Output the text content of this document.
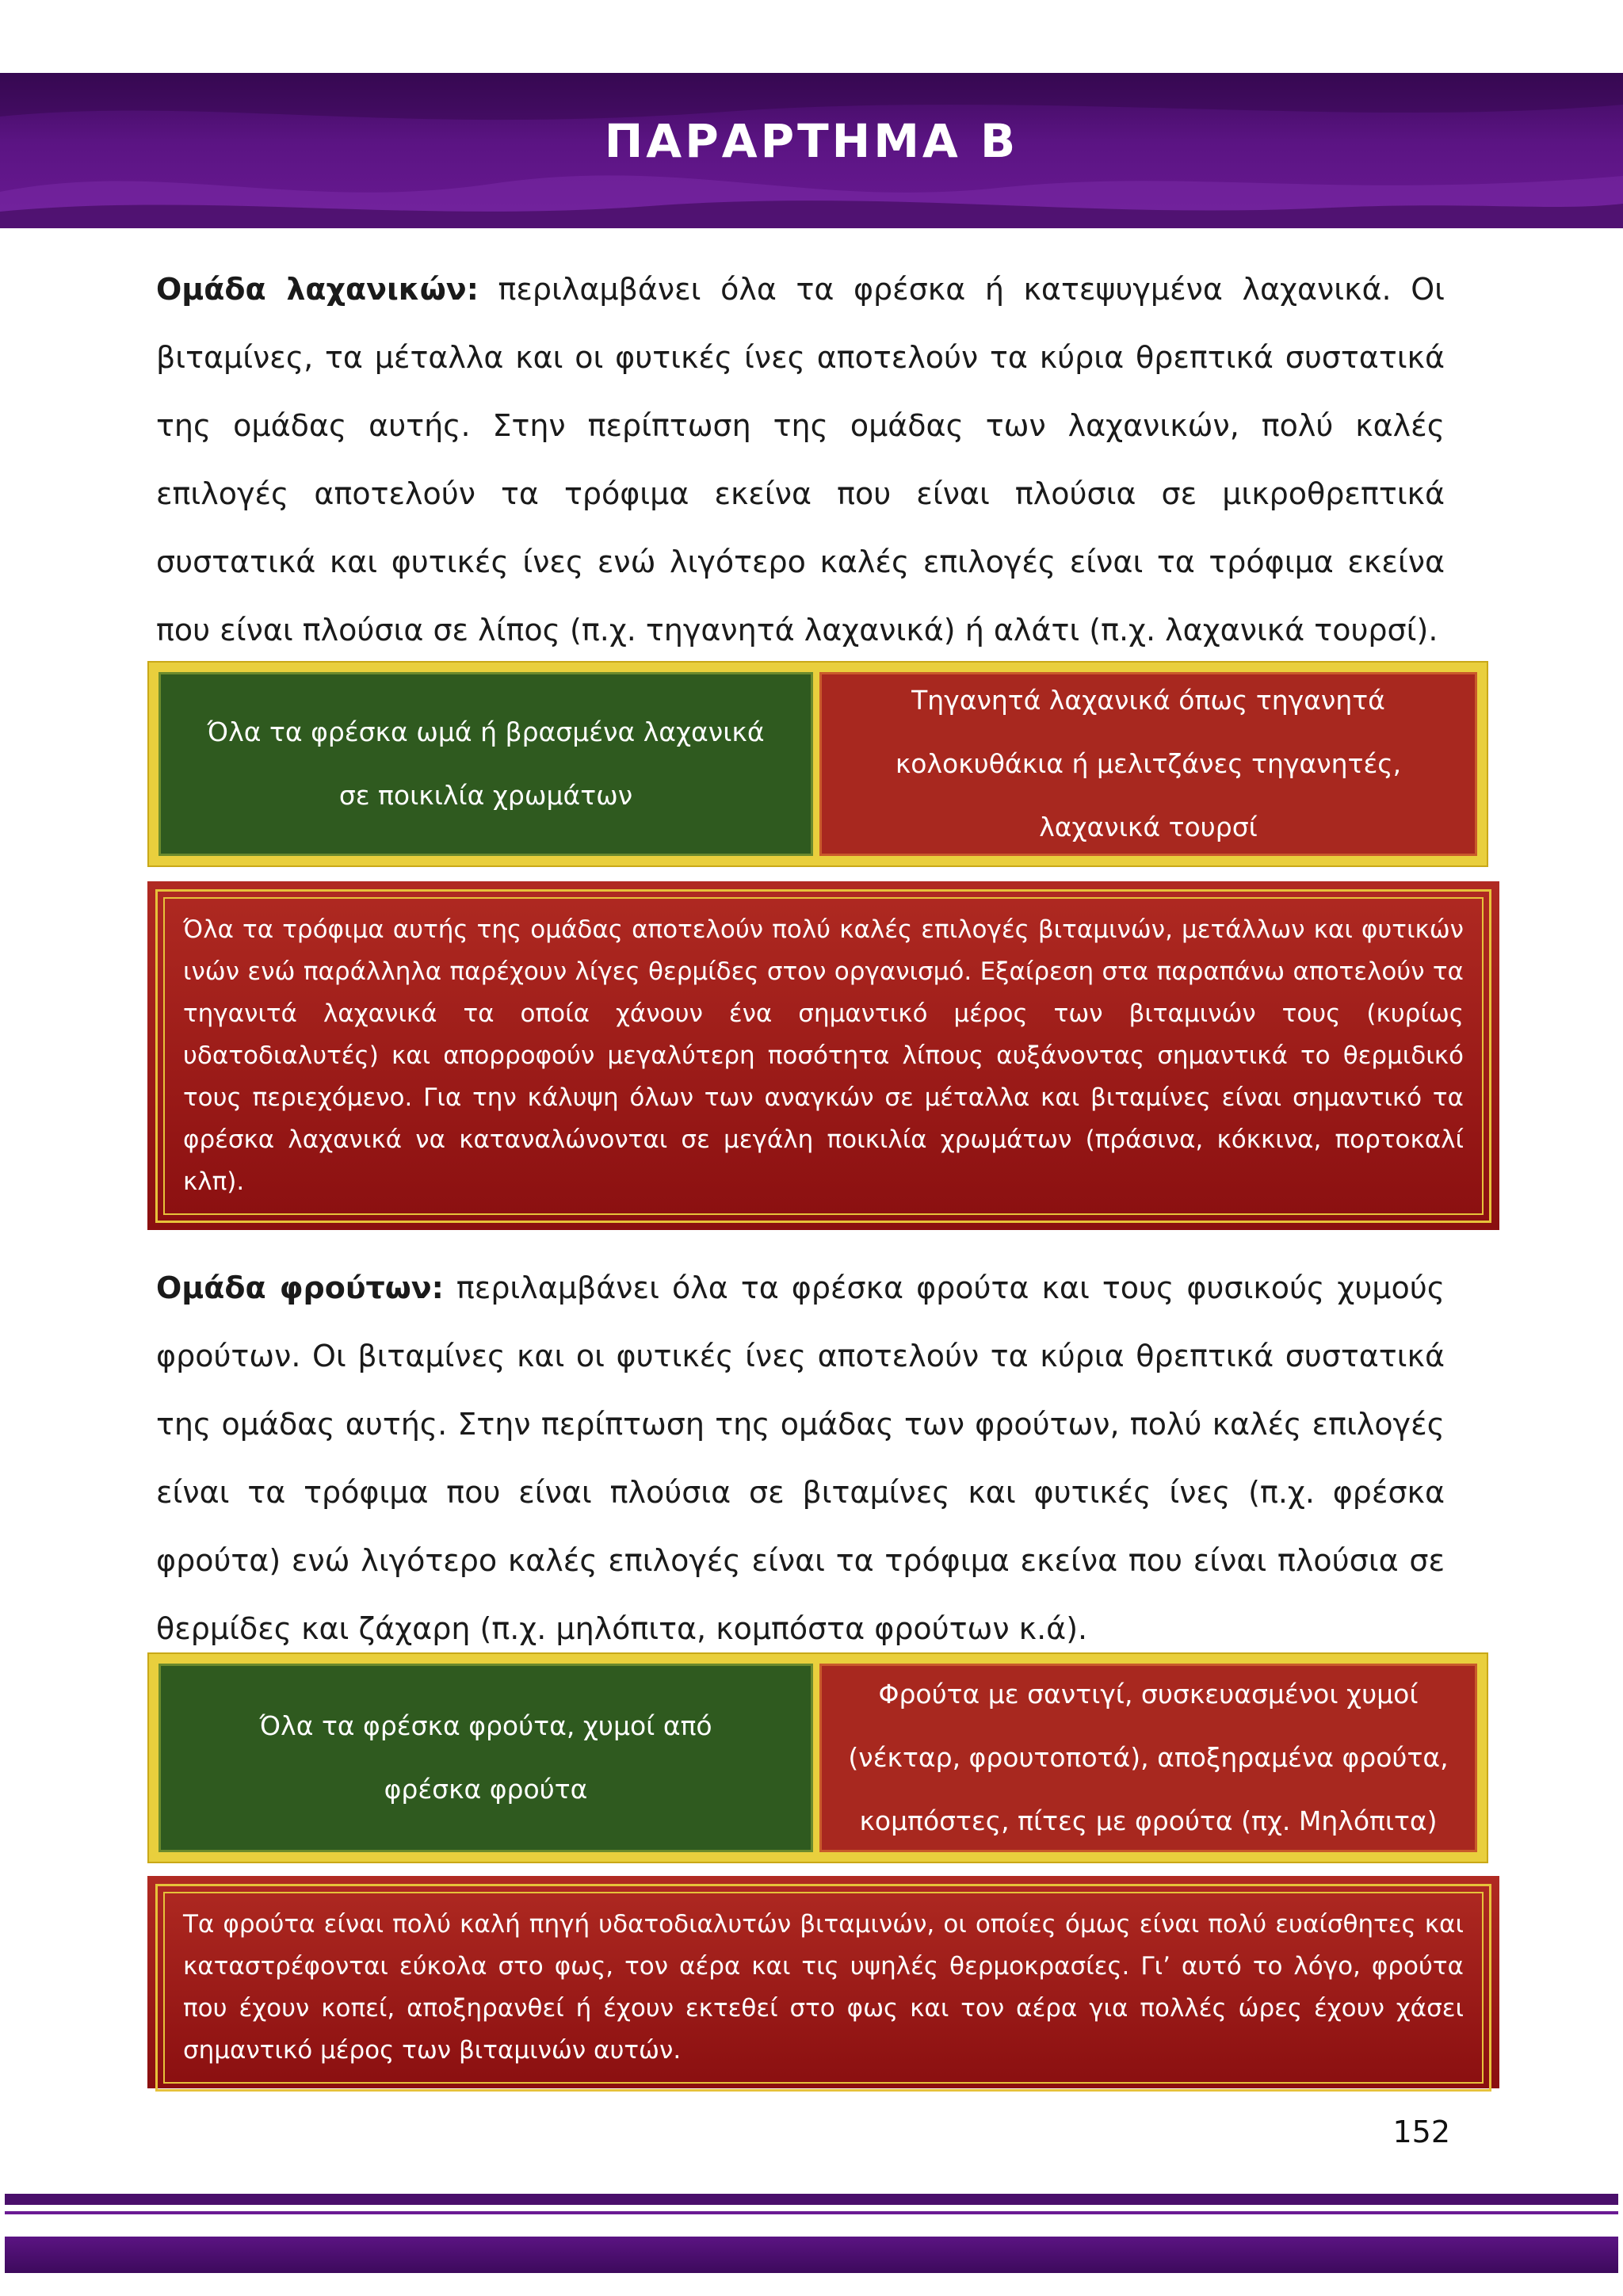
ΠΑΡΑΡΤΗΜΑ Β
Ομάδα λαχανικών: περιλαμβάνει όλα τα φρέσκα ή κατεψυγμένα λαχανικά. Οι βιταμίνες, τα μέταλλα και οι φυτικές ίνες αποτελούν τα κύρια θρεπτικά συστατικά της ομάδας αυτής. Στην περίπτωση της ομάδας των λαχανικών, πολύ καλές επιλογές αποτελούν τα τρόφιμα εκείνα που είναι πλούσια σε μικροθρεπτικά συστατικά και φυτικές ίνες ενώ λιγότερο καλές επιλογές είναι τα τρόφιμα εκείνα που είναι πλούσια σε λίπος (π.χ. τηγανητά λαχανικά) ή αλάτι (π.χ. λαχανικά τουρσί).
Όλα τα φρέσκα ωμά ή βρασμένα λαχανικά
σε ποικιλία χρωμάτων
Τηγανητά λαχανικά όπως τηγανητά
κολοκυθάκια ή μελιτζάνες τηγανητές,
λαχανικά τουρσί
Όλα τα τρόφιμα αυτής της ομάδας αποτελούν πολύ καλές επιλογές βιταμινών, μετάλλων και φυτικών ινών ενώ παράλληλα παρέχουν λίγες θερμίδες στον οργανισμό. Εξαίρεση στα παραπάνω αποτελούν τα τηγανιτά λαχανικά τα οποία χάνουν ένα σημαντικό μέρος των βιταμινών τους (κυρίως υδατοδιαλυτές) και απορροφούν μεγαλύτερη ποσότητα λίπους αυξάνοντας σημαντικά το θερμιδικό τους περιεχόμενο. Για την κάλυψη όλων των αναγκών σε μέταλλα και βιταμίνες είναι σημαντικό τα φρέσκα λαχανικά να καταναλώνονται σε μεγάλη ποικιλία χρωμάτων (πράσινα, κόκκινα, πορτοκαλί κλπ).
Ομάδα φρούτων: περιλαμβάνει όλα τα φρέσκα φρούτα και τους φυσικούς χυμούς φρούτων. Οι βιταμίνες και οι φυτικές ίνες αποτελούν τα κύρια θρεπτικά συστατικά της ομάδας αυτής. Στην περίπτωση της ομάδας των φρούτων, πολύ καλές επιλογές είναι τα τρόφιμα που είναι πλούσια σε βιταμίνες και φυτικές ίνες (π.χ. φρέσκα φρούτα) ενώ λιγότερο καλές επιλογές είναι τα τρόφιμα εκείνα που είναι πλούσια σε θερμίδες και ζάχαρη (π.χ. μηλόπιτα, κομπόστα φρούτων κ.ά).
Όλα τα φρέσκα φρούτα, χυμοί από
φρέσκα φρούτα
Φρούτα με σαντιγί, συσκευασμένοι χυμοί
(νέκταρ, φρουτοποτά), αποξηραμένα φρούτα,
κομπόστες, πίτες με φρούτα (πχ. Μηλόπιτα)
Τα φρούτα είναι πολύ καλή πηγή υδατοδιαλυτών βιταμινών, οι οποίες όμως είναι πολύ ευαίσθητες και καταστρέφονται εύκολα στο φως, τον αέρα και τις υψηλές θερμοκρασίες. Γι’ αυτό το λόγο, φρούτα που έχουν κοπεί, αποξηρανθεί ή έχουν εκτεθεί στο φως και τον αέρα για πολλές ώρες έχουν χάσει σημαντικό μέρος των βιταμινών αυτών.
152
